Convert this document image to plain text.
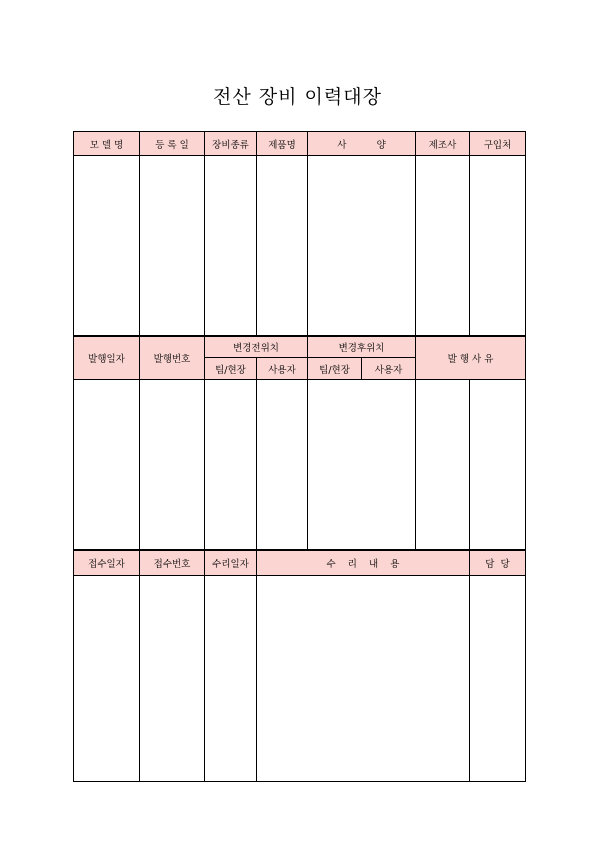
전산 장비 이력대장
모 델 명	등 록 일	장비종류	제품명	사          양	제조사	구입처

발행일자	발행번호	변경전위치		변경후위치		발 행 사 유	
		팀/현장	사용자	팀/현장	사용자		

접수일자	접수번호	수리일자	수    리    내    용	담  당
